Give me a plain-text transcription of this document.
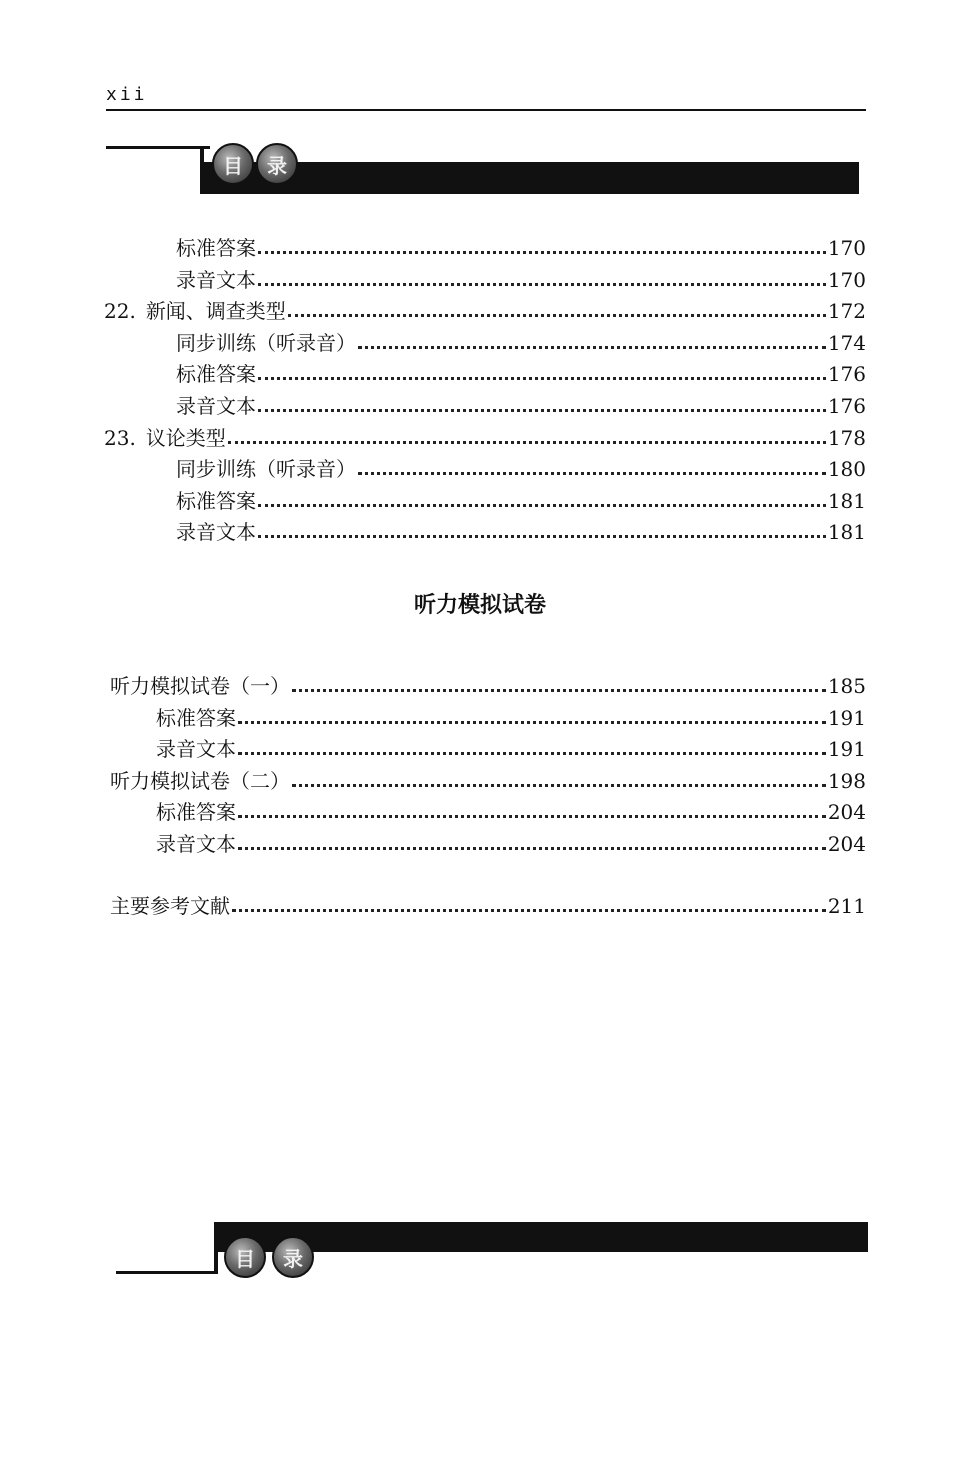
xii
目	录
标准答案	170
录音文本	170
22. 新闻、调查类型	172
同步训练（听录音）	174
标准答案	176
录音文本	176
23. 议论类型	178
同步训练（听录音）	180
标准答案	181
录音文本	181
听力模拟试卷（一）	185
标准答案	191
录音文本	191
听力模拟试卷（二）	198
标准答案	204
录音文本	204
主要参考文献	211
听力模拟试卷
目	录
